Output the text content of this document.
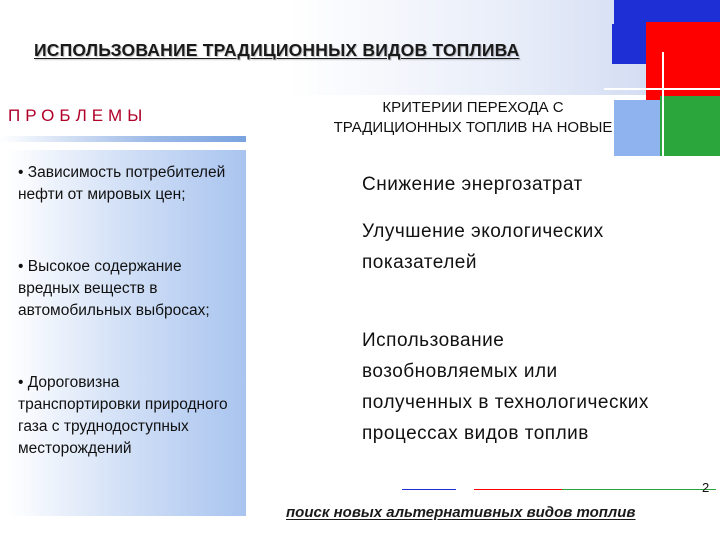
ИСПОЛЬЗОВАНИЕ ТРАДИЦИОННЫХ ВИДОВ ТОПЛИВА
ПРОБЛЕМЫ
• Зависимость потребителей нефти от мировых цен;
• Высокое содержание вредных веществ в автомобильных выбросах;
• Дороговизна транспортировки природного газа с труднодоступных месторождений
КРИТЕРИИ ПЕРЕХОДА С
ТРАДИЦИОННЫХ ТОПЛИВ НА НОВЫЕ
Снижение энергозатрат
Улучшение экологических показателей
Использование возобновляемых или полученных в технологических процессах видов топлив
2
поиск новых альтернативных видов топлив
